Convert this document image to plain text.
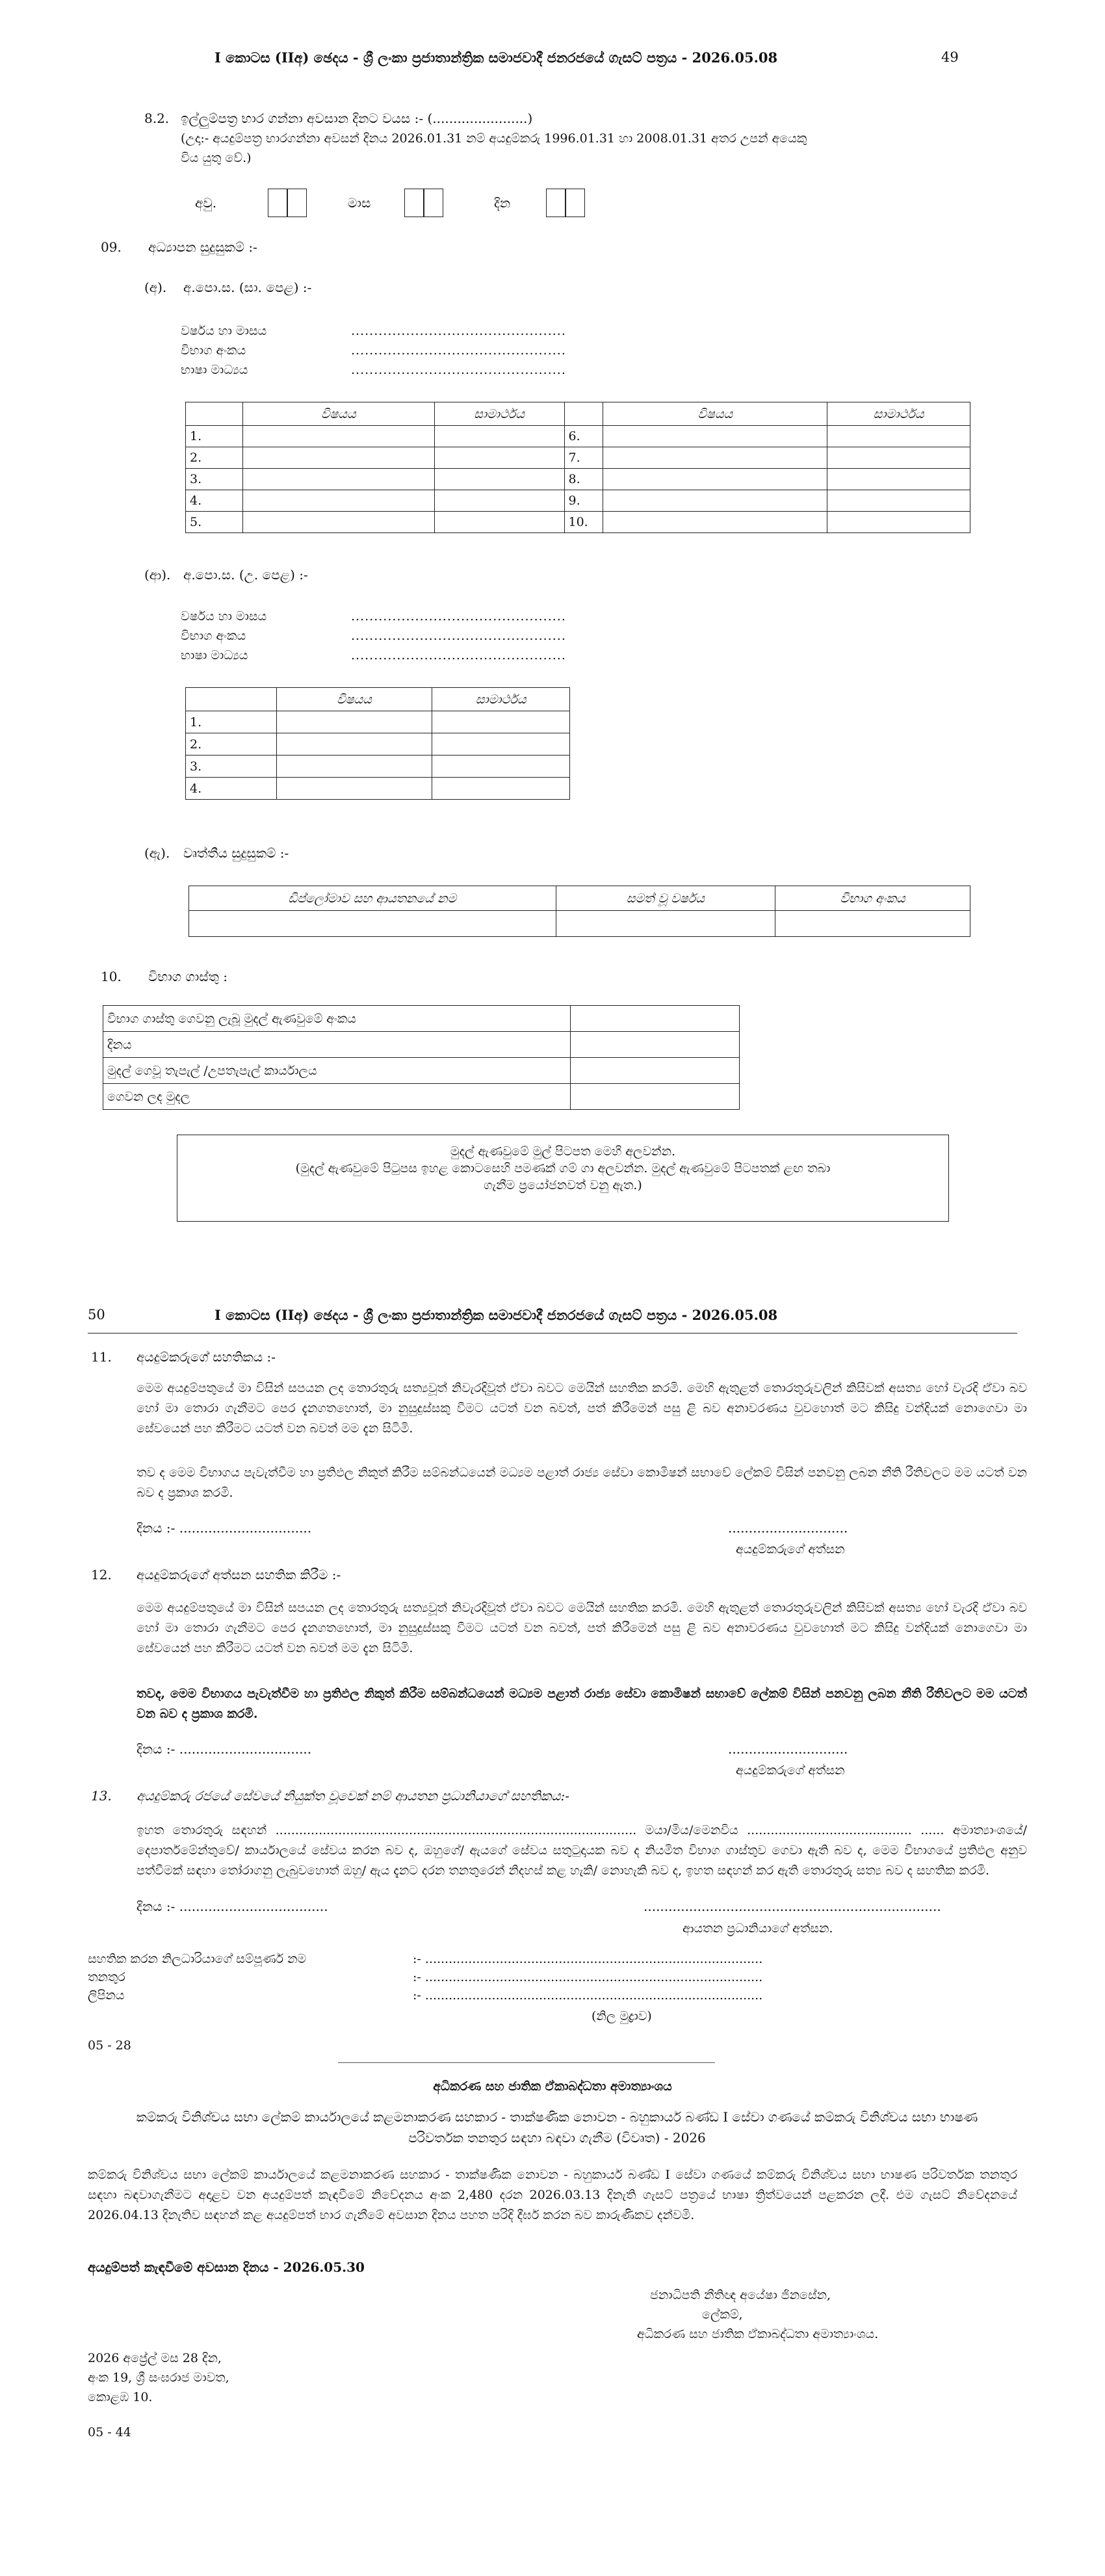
I කොටස (IIඅ) ඡෙදය - ශ්‍රී ලංකා ප්‍රජාතාන්ත්‍රික සමාජවාදී ජනරජයේ ගැසට් පත්‍රය - 2026.05.08	49
8.2. ඉල්ලුම්පත්‍ර භාර ගන්නා අවසාන දිනට වයස :- (.......................)
(උදා:- අයදුම්පත්‍ර භාරගන්නා අවසන් දිනය 2026.01.31 නම් අයදුම්කරු 1996.01.31 හා 2008.01.31 අතර උපන් අයෙකු
විය යුතු වේ.)
අවු.	මාස	දින
09. අධ්‍යාපන සුදුසුකම් :-
(අ). අ.පො.ස. (සා. පෙළ) :-
වර්ෂය හා මාසය	...............................................
විභාග අංකය	...............................................
භාෂා මාධ්‍යය	...............................................
	විෂයය	සාමාර්ථය		විෂයය	සාමාර්ථය
1.			6.		
2.			7.		
3.			8.		
4.			9.		
5.			10.		
(ආ). අ.පො.ස. (උ. පෙළ) :-
වර්ෂය හා මාසය	...............................................
විභාග අංකය	...............................................
භාෂා මාධ්‍යය	...............................................
	විෂයය	සාමාර්ථය
1.		
2.		
3.		
4.		
(ඇ). වෘත්තීය සුදුසුකම් :-
ඩිප්ලෝමාව සහ ආයතනයේ නම	සමත් වූ වර්ෂය	විභාග අංකය

10. විභාග ගාස්තු :
විභාග ගාස්තු ගෙවනු ලැබූ මුදල් ඇණවුමේ අංකය	
දිනය	
මුදල් ගෙවූ තැපැල් /උපතැපැල් කාර්යාලය	
ගෙවන ලද මුදල	
මුදල් ඇණවුමේ මුල් පිටපත මෙහි අලවන්න.
(මුදල් ඇණවුමේ පිටුපස ඉහළ කොටසෙහි පමණක් ගම් ගා අලවන්න. මුදල් ඇණවුමේ පිටපතක් ළඟ තබා
ගැනීම ප්‍රයෝජනවත් වනු ඇත.)
50	I කොටස (IIඅ) ඡෙදය - ශ්‍රී ලංකා ප්‍රජාතාන්ත්‍රික සමාජවාදී ජනරජයේ ගැසට් පත්‍රය - 2026.05.08
11. අයදුම්කරුගේ සහතිකය :-
මෙම අයදුම්පතුයේ මා විසින් සපයන ලද තොරතුරු සත්‍යවූත් නිවැරදිවූත් ඒවා බවට මෙයින් සහතික කරමි. මෙහි ඇතුළත් තොරතුරුවලින් කිසිවක් අසත්‍ය හෝ වැරදි ඒවා බව හෝ මා තොරා ගැනීමට පෙර දැනගතහොත්, මා නුසුදුස්සකු වීමට යටත් වන බවත්, පත් කිරීමෙන් පසු ළි බව අනාවරණය වුවහොත් මට කිසිදු වන්දියක් නොගෙවා මා සේවයෙන් පහ කිරීමට යටත් වන බවත් මම දැන සිටිමි.
තව ද මෙම විභාගය පැවැත්වීම හා ප්‍රතිඵල නිකුත් කිරීම සම්බන්ධයෙන් මධ්‍යම පළාත් රාජ්‍ය සේවා කොමිෂන් සභාවේ ලේකම් විසින් පනවනු ලබන නීති රීතිවලට මම යටත් වන බව ද ප්‍රකාශ කරමි.
දිනය :- ................................	.............................
අයදුම්කරුගේ අත්සන
12. අයදුම්කරුගේ අත්සන සහතික කිරීම :-
මෙම අයදුම්පතුයේ මා විසින් සපයන ලද තොරතුරු සත්‍යවූත් නිවැරදිවූත් ඒවා බවට මෙයින් සහතික කරමි. මෙහි ඇතුළත් තොරතුරුවලින් කිසිවක් අසත්‍ය හෝ වැරදි ඒවා බව හෝ මා තොරා ගැනීමට පෙර දැනගතහොත්, මා නුසුදුස්සකු වීමට යටත් වන බවත්, පත් කිරීමෙන් පසු ළි බව අනාවරණය වුවහොත් මට කිසිදු වන්දියක් නොගෙවා මා සේවයෙන් පහ කිරීමට යටත් වන බවත් මම දැන සිටිමි.
තවද, මෙම විභාගය පැවැත්වීම හා ප්‍රතිඵල නිකුත් කිරීම සම්බන්ධයෙන් මධ්‍යම පළාත් රාජ්‍ය සේවා කොමිෂන් සභාවේ ලේකම් විසින් පනවනු ලබන නීති රීතිවලට මම යටත් වන බව ද ප්‍රකාශ කරමි.
දිනය :- ................................	.............................
අයදුම්කරුගේ අත්සන
13. අයදුම්කරු රජයේ සේවයේ නියුක්ත වූවෙක් නම් ආයතන ප්‍රධානියාගේ සහතිකය:-
ඉහත තොරතුරු සඳහන් ............................................................................................ මයා/මිය/මෙනවිය .......................................... ...... අමාත්‍යාංශයේ/ දෙපාර්තමේන්තුවේ/ කාර්යාලයේ සේවය කරන බව ද, ඔහුගේ/ ඇයගේ සේවය සතුටුදායක බව ද නියමිත විභාග ගාස්තුව ගෙවා ඇති බව ද, මෙම විභාගයේ ප්‍රතිඵල අනුව පත්වීමක් සඳහා තෝරාගනු ලැබුවහොත් ඔහු/ ඇය දැනට දරන තනතුරෙන් නිදහස් කළ හැකි/ නොහැකි බව ද, ඉහත සඳහන් කර ඇති තොරතුරු සත්‍ය බව ද සහතික කරමි.
දිනය :- ....................................	........................................................................
ආයතන ප්‍රධානියාගේ අත්සන.
සහතික කරන නිලධාරියාගේ සම්පූර්ණ නම	:- ......................................................................................
තනතුර	:- ......................................................................................
ලිපිනය	:- ......................................................................................
(නිල මුද්‍රාව)
05 - 28
අධිකරණ සහ ජාතික ඒකාබද්ධතා අමාත්‍යාංශය
කම්කරු විනිශ්චය සභා ලේකම් කාර්යාලයේ කළමනාකරණ සහකාර - තාක්ෂණික නොවන - බහුකාර්ය බණ්ඩ I සේවා ගණයේ කම්කරු විනිශ්චය සභා භාෂණ පරිවර්තක තනතුර සඳහා බඳවා ගැනීම (විවෘත) - 2026
කම්කරු විනිශ්චය සභා ලේකම් කාර්යාලයේ කළමනාකරණ සහකාර - තාක්ෂණික නොවන - බහුකාර්ය බණ්ඩ I සේවා ගණයේ කම්කරු විනිශ්චය සභා භාෂණ පරිවර්තක තනතුර සඳහා බඳවාගැනීමට අදාළව වන අයදුම්පත් කැඳවීමේ නිවේදනය අංක 2,480 දරන 2026.03.13 දිනැති ගැසට් පත්‍රයේ භාෂා ත්‍රිත්වයෙන් පළකරන ලදී. එම ගැසට් නිවේදනයේ 2026.04.13 දිනැතිව සඳහන් කළ අයදුම්පත් භාර ගැනීමේ අවසාන දිනය පහත පරිදි දීර්ඝ කරන බව කාරුණිකව දන්වමි.
අයදුම්පත් කැඳවීමේ අවසාන දිනය - 2026.05.30
ජනාධිපති නීතිඥ අයේෂා ජිනසේන,
ලේකම්,
අධිකරණ සහ ජාතික ඒකාබද්ධතා අමාත්‍යාංශය.
2026 අප්‍රේල් මස 28 දින,
අංක 19, ශ්‍රී සංඝරාජ මාවත,
කොළඹ 10.
05 - 44
